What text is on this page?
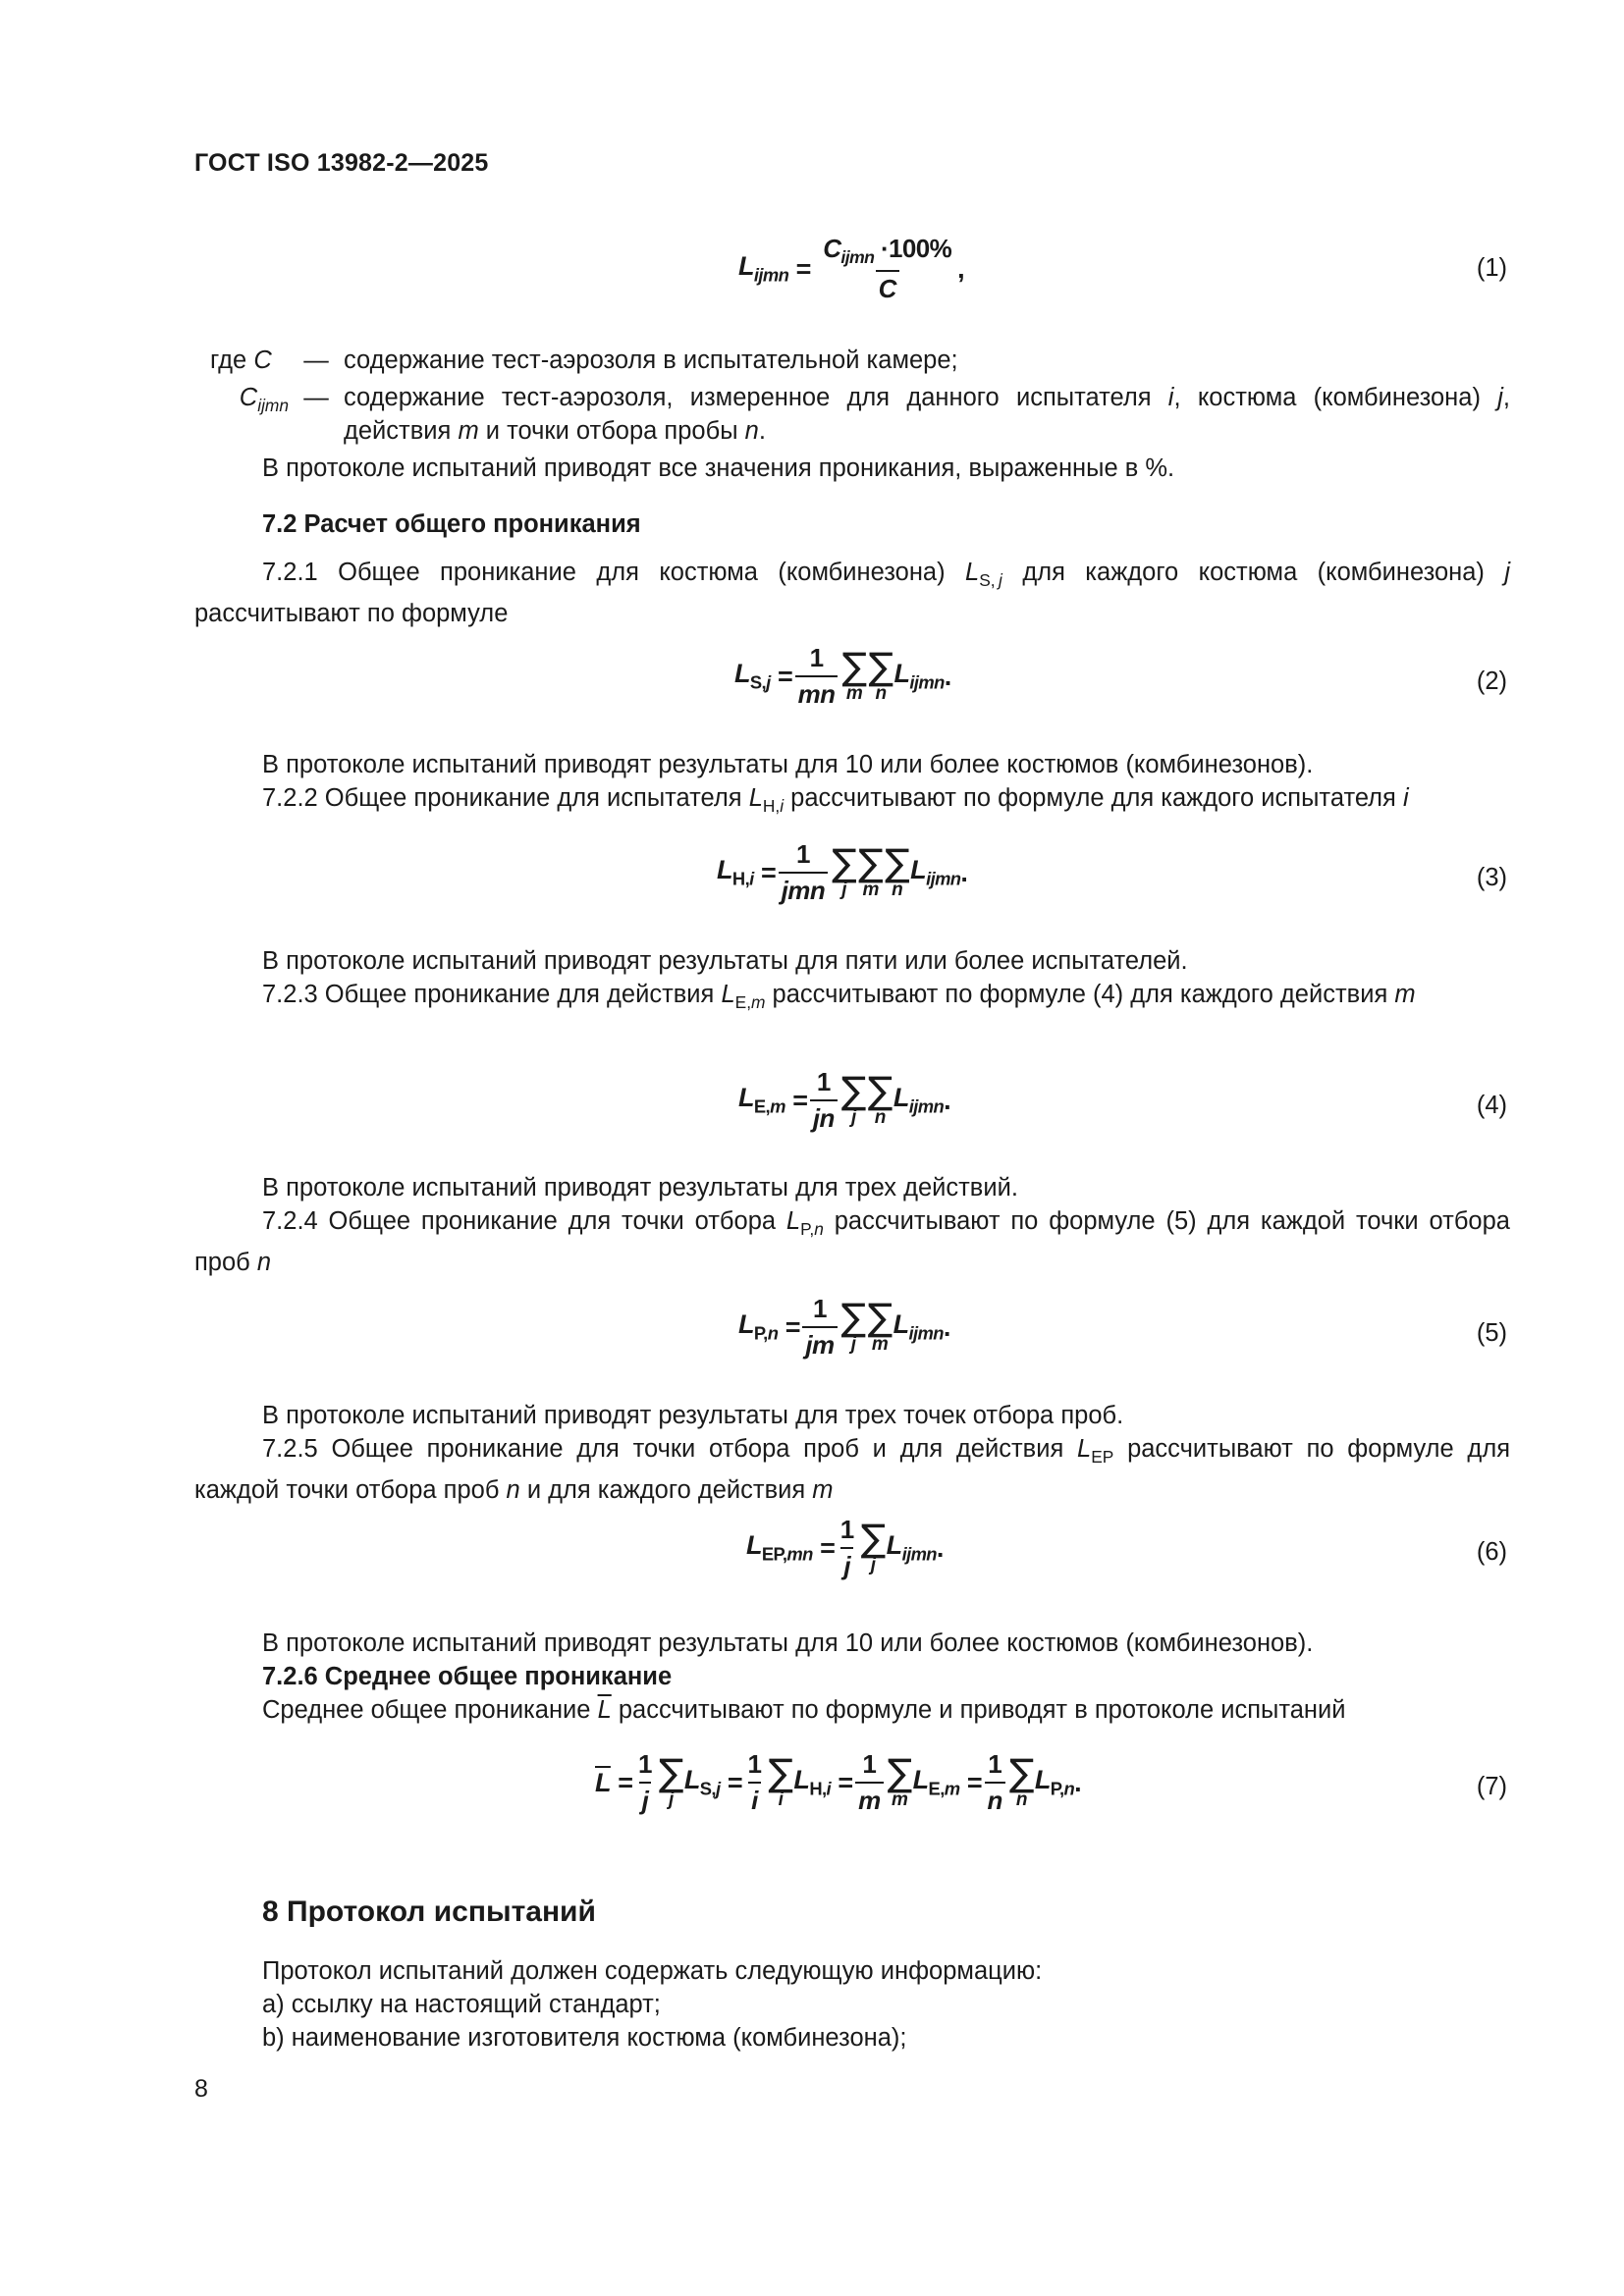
ГОСТ ISO 13982-2—2025
$L_{ijmn} = \frac{C_{ijmn} \cdot 100\%}{C}$ ,	(1)
где C	— содержание тест-аэрозоля в испытательной камере;
$C_{ijmn}$ — содержание тест-аэрозоля, измеренное для данного испытателя i, костюма (комбинезона) j, действия m и точки отбора пробы n.
В протоколе испытаний приводят все значения проникания, выраженные в %.
7.2 Расчет общего проникания
7.2.1 Общее проникание для костюма (комбинезона) $L_{S, j}$ для каждого костюма (комбинезона) j рассчитывают по формуле
$L_{S,j} = \frac{1}{mn}$ ∑
m
∑
n
$L_{ijmn}$ .	(2)
В протоколе испытаний приводят результаты для 10 или более костюмов (комбинезонов).
7.2.2 Общее проникание для испытателя $L_{H,i}$ рассчитывают по формуле для каждого испытателя i
$L_{H,i} = \frac{1}{\text{jmn}}$ ∑
j
∑
m
∑
n
$L_{ijmn}$ .	(3)
В протоколе испытаний приводят результаты для пяти или более испытателей.
7.2.3 Общее проникание для действия $L_{E,m}$ рассчитывают по формуле (4) для каждого действия m
$L_{E,m} = \frac{1}{jn}$ ∑
j
∑
n
$L_{ijmn}$ .	(4)
В протоколе испытаний приводят результаты для трех действий.
7.2.4 Общее проникание для точки отбора $L_{P,n}$ рассчитывают по формуле (5) для каждой точки отбора проб n
$L_{P,n} = \frac{1}{jm}$ ∑
j
∑
m
$L_{ijmn}$ .	(5)
В протоколе испытаний приводят результаты для трех точек отбора проб.
7.2.5 Общее проникание для точки отбора проб и для действия $L_{EP}$ рассчитывают по формуле для каждой точки отбора проб n и для каждого действия m
$L_{EP,mn} = \frac{1}{j}$ ∑
j
$L_{ijmn}$ .	(6)
В протоколе испытаний приводят результаты для 10 или более костюмов (комбинезонов).
7.2.6 Среднее общее проникание
Среднее общее проникание $\overline{L}$ рассчитывают по формуле и приводят в протоколе испытаний
$\overline{L} = \frac{1}{j}$ ∑
j
$L_{S,j} = \frac{1}{i}$ ∑
i
$L_{H,i} = \frac{1}{m}$ ∑
m
$L_{E,m} = \frac{1}{n}$ ∑
n
$L_{P,n}$ .	(7)
8 Протокол испытаний
Протокол испытаний должен содержать следующую информацию:
a) ссылку на настоящий стандарт;
b) наименование изготовителя костюма (комбинезона);
8
